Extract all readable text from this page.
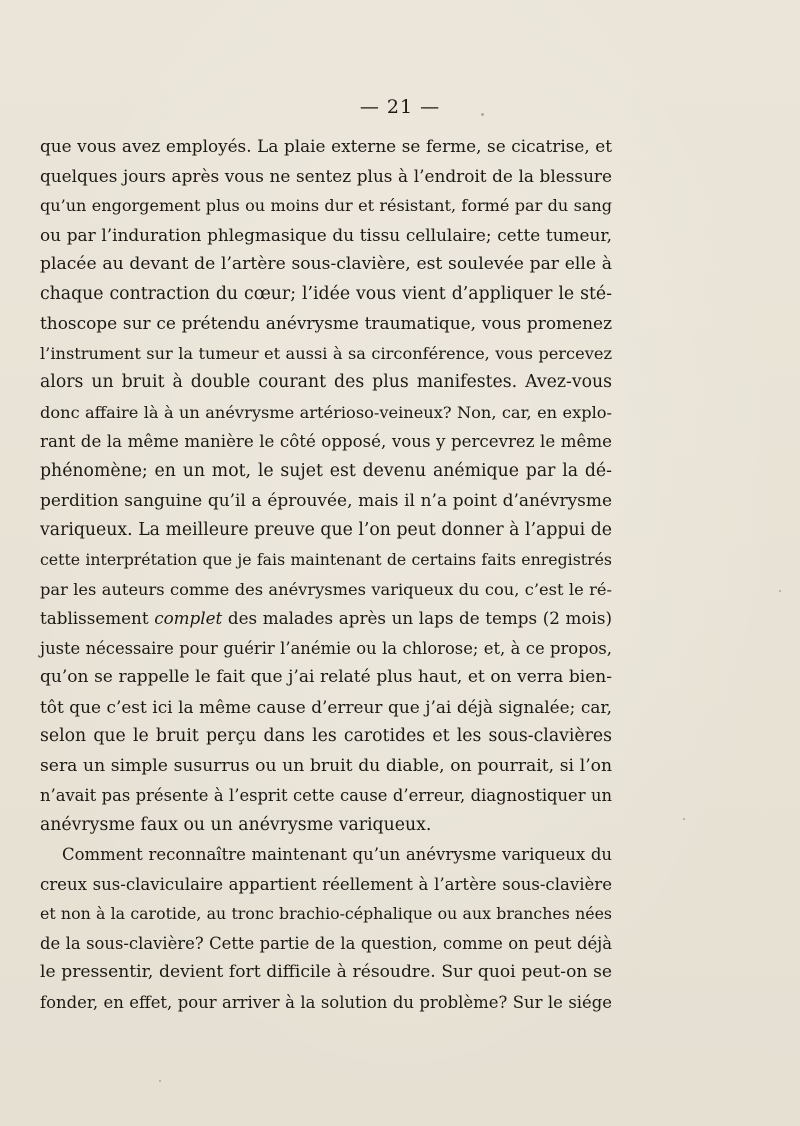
— 21 —
que vous avez employés. La plaie externe se ferme, se cicatrise, et
quelques jours après vous ne sentez plus à l’endroit de la blessure
qu’un engorgement plus ou moins dur et résistant, formé par du sang
ou par l’induration phlegmasique du tissu cellulaire; cette tumeur,
placée au devant de l’artère sous-clavière, est soulevée par elle à
chaque contraction du cœur; l’idée vous vient d’appliquer le sté-
thoscope sur ce prétendu anévrysme traumatique, vous promenez
l’instrument sur la tumeur et aussi à sa circonférence, vous percevez
alors un bruit à double courant des plus manifestes. Avez-vous
donc affaire là à un anévrysme artérioso-veineux? Non, car, en explo-
rant de la même manière le côté opposé, vous y percevrez le même
phénomène; en un mot, le sujet est devenu anémique par la dé-
perdition sanguine qu’il a éprouvée, mais il n’a point d’anévrysme
variqueux. La meilleure preuve que l’on peut donner à l’appui de
cette interprétation que je fais maintenant de certains faits enregistrés
par les auteurs comme des anévrysmes variqueux du cou, c’est le ré-
tablissement complet des malades après un laps de temps (2 mois)
juste nécessaire pour guérir l’anémie ou la chlorose; et, à ce propos,
qu’on se rappelle le fait que j’ai relaté plus haut, et on verra bien-
tôt que c’est ici la même cause d’erreur que j’ai déjà signalée; car,
selon que le bruit perçu dans les carotides et les sous-clavières
sera un simple susurrus ou un bruit du diable, on pourrait, si l’on
n’avait pas présente à l’esprit cette cause d’erreur, diagnostiquer un
anévrysme faux ou un anévrysme variqueux.
Comment reconnaître maintenant qu’un anévrysme variqueux du
creux sus-claviculaire appartient réellement à l’artère sous-clavière
et non à la carotide, au tronc brachio-céphalique ou aux branches nées
de la sous-clavière? Cette partie de la question, comme on peut déjà
le pressentir, devient fort difficile à résoudre. Sur quoi peut-on se
fonder, en effet, pour arriver à la solution du problème? Sur le siége
